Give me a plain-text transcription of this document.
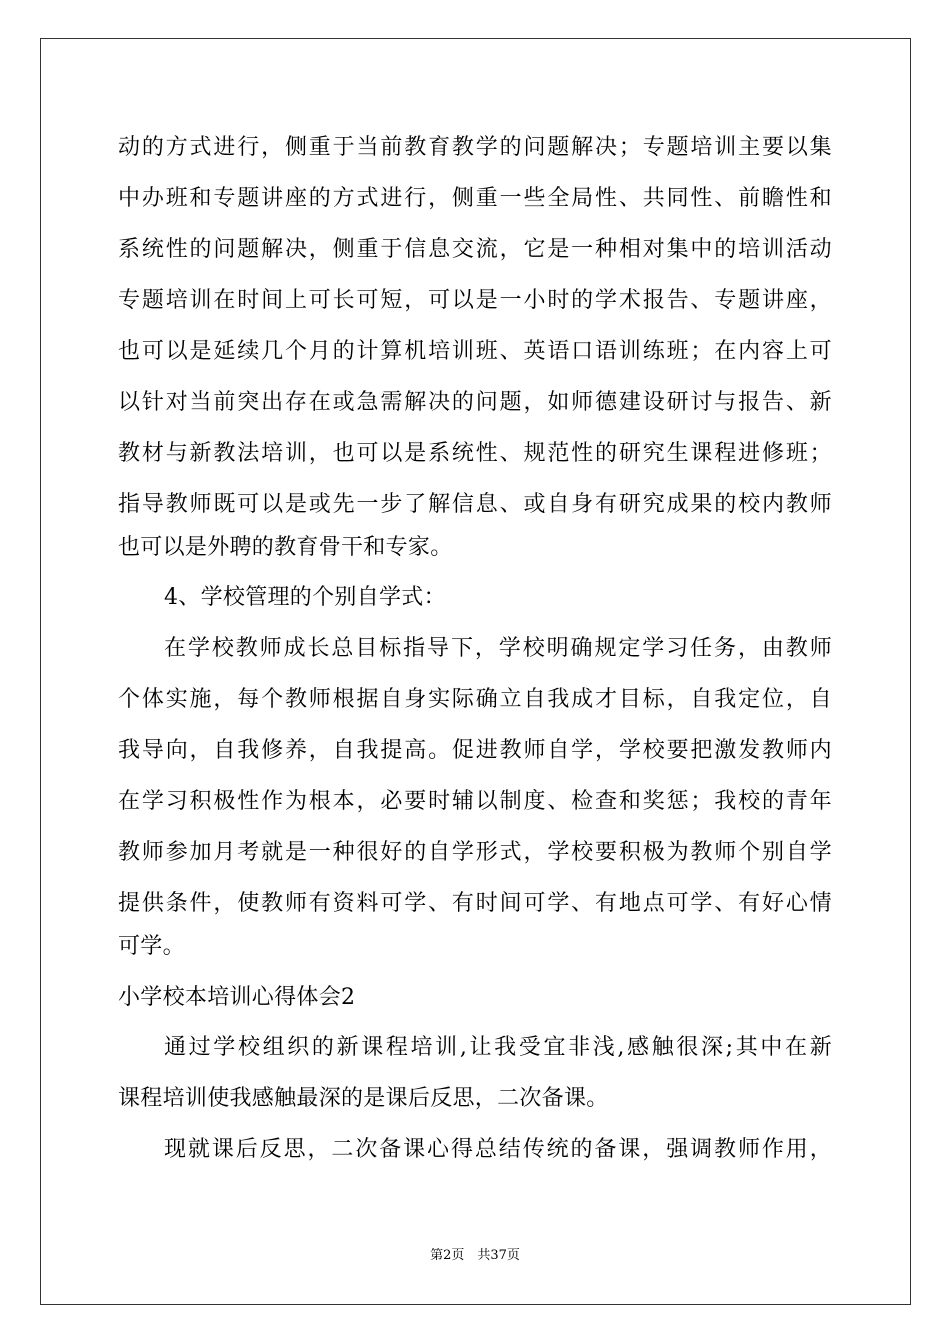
动的方式进行，侧重于当前教育教学的问题解决；专题培训主要以集
中办班和专题讲座的方式进行，侧重一些全局性、共同性、前瞻性和
系统性的问题解决，侧重于信息交流，它是一种相对集中的培训活动
专题培训在时间上可长可短，可以是一小时的学术报告、专题讲座，
也可以是延续几个月的计算机培训班、英语口语训练班；在内容上可
以针对当前突出存在或急需解决的问题，如师德建设研讨与报告、新
教材与新教法培训，也可以是系统性、规范性的研究生课程进修班；
指导教师既可以是或先一步了解信息、或自身有研究成果的校内教师
也可以是外聘的教育骨干和专家。
4、学校管理的个别自学式：
在学校教师成长总目标指导下，学校明确规定学习任务，由教师
个体实施，每个教师根据自身实际确立自我成才目标，自我定位，自
我导向，自我修养，自我提高。促进教师自学，学校要把激发教师内
在学习积极性作为根本，必要时辅以制度、检查和奖惩；我校的青年
教师参加月考就是一种很好的自学形式，学校要积极为教师个别自学
提供条件，使教师有资料可学、有时间可学、有地点可学、有好心情
可学。
小学校本培训心得体会2
通过学校组织的新课程培训,让我受宜非浅,感触很深;其中在新
课程培训使我感触最深的是课后反思，二次备课。
现就课后反思，二次备课心得总结传统的备课，强调教师作用，
第2页　共37页
